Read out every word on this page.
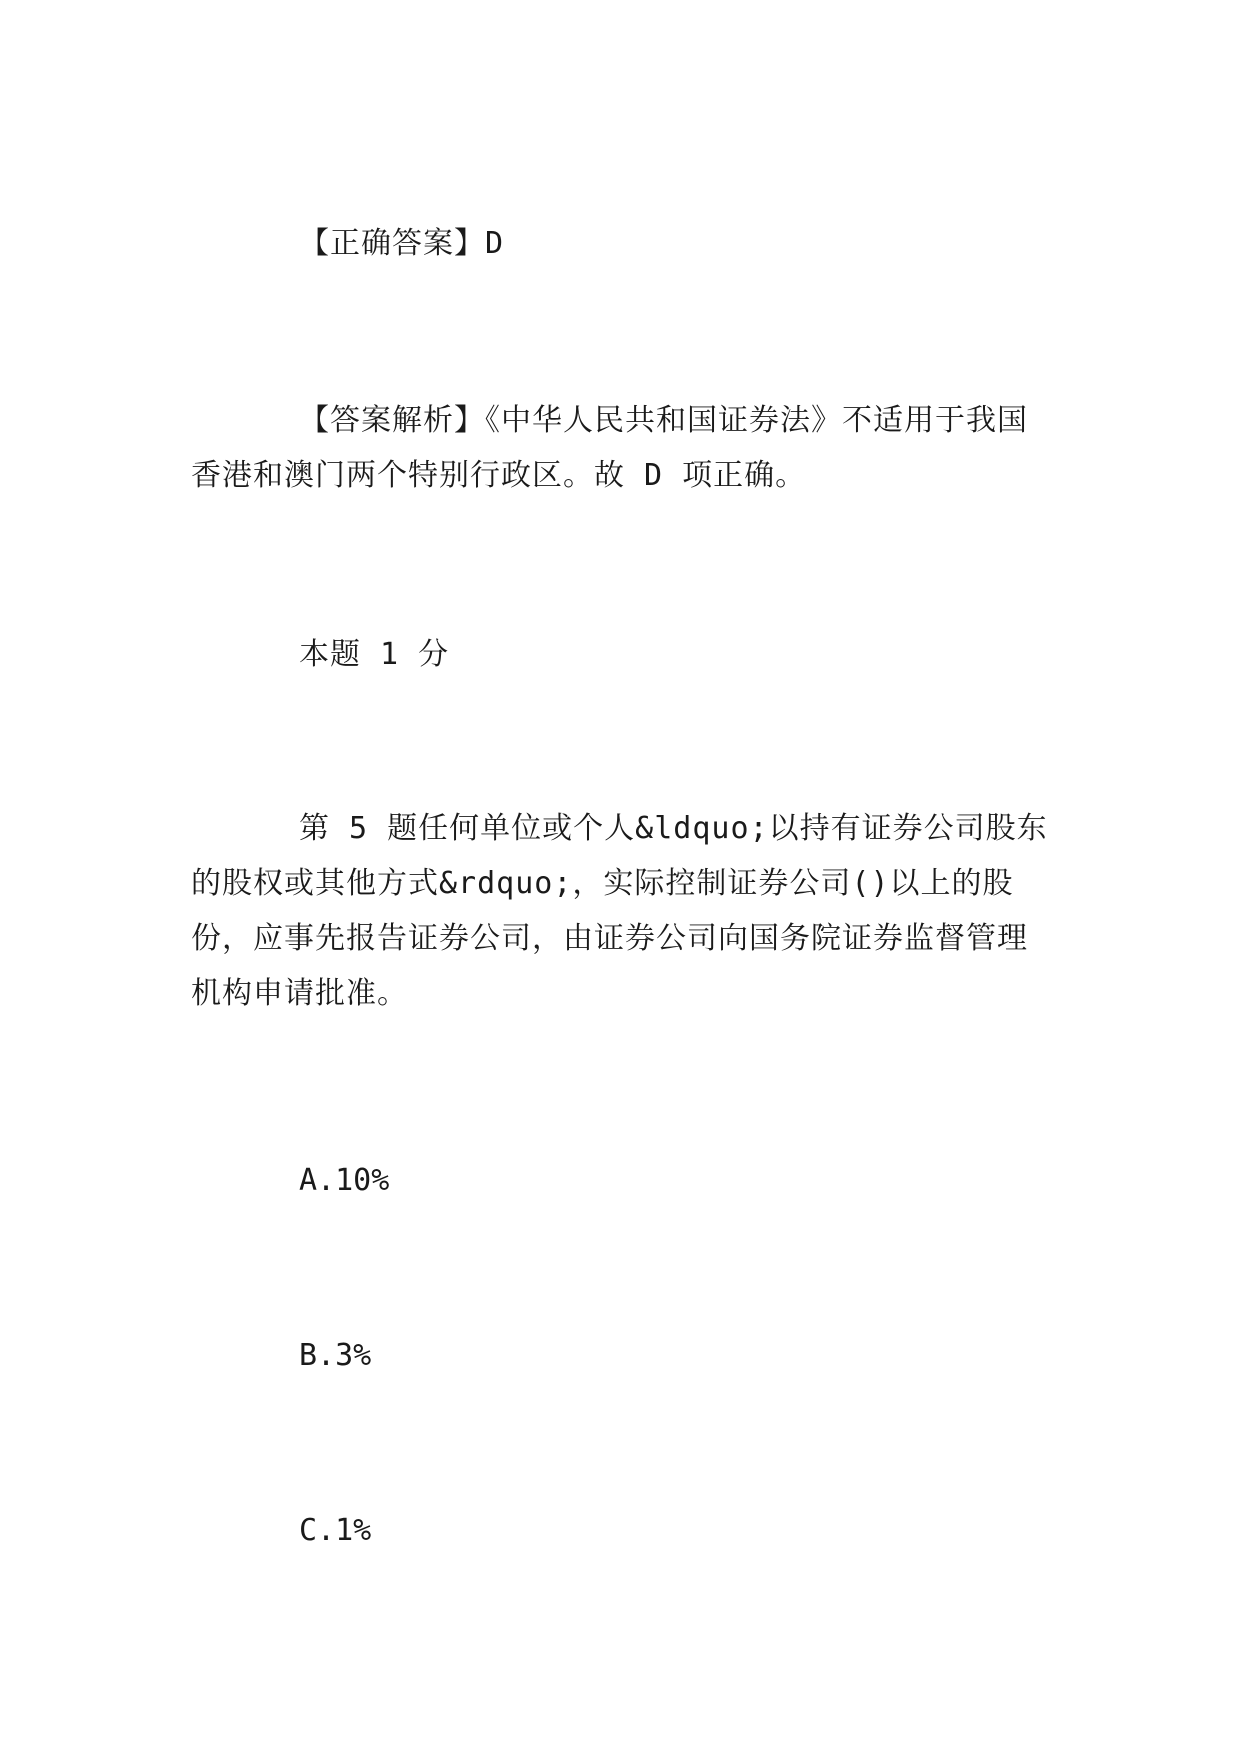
【正确答案】D

【答案解析】《中华人民共和国证券法》不适用于我国香港和澳门两个特别行政区。故 D 项正确。

本题 1 分

第 5 题任何单位或个人&ldquo;以持有证券公司股东的股权或其他方式&rdquo;，实际控制证券公司()以上的股份，应事先报告证券公司，由证券公司向国务院证券监督管理机构申请批准。

A.10%

B.3%

C.1%
